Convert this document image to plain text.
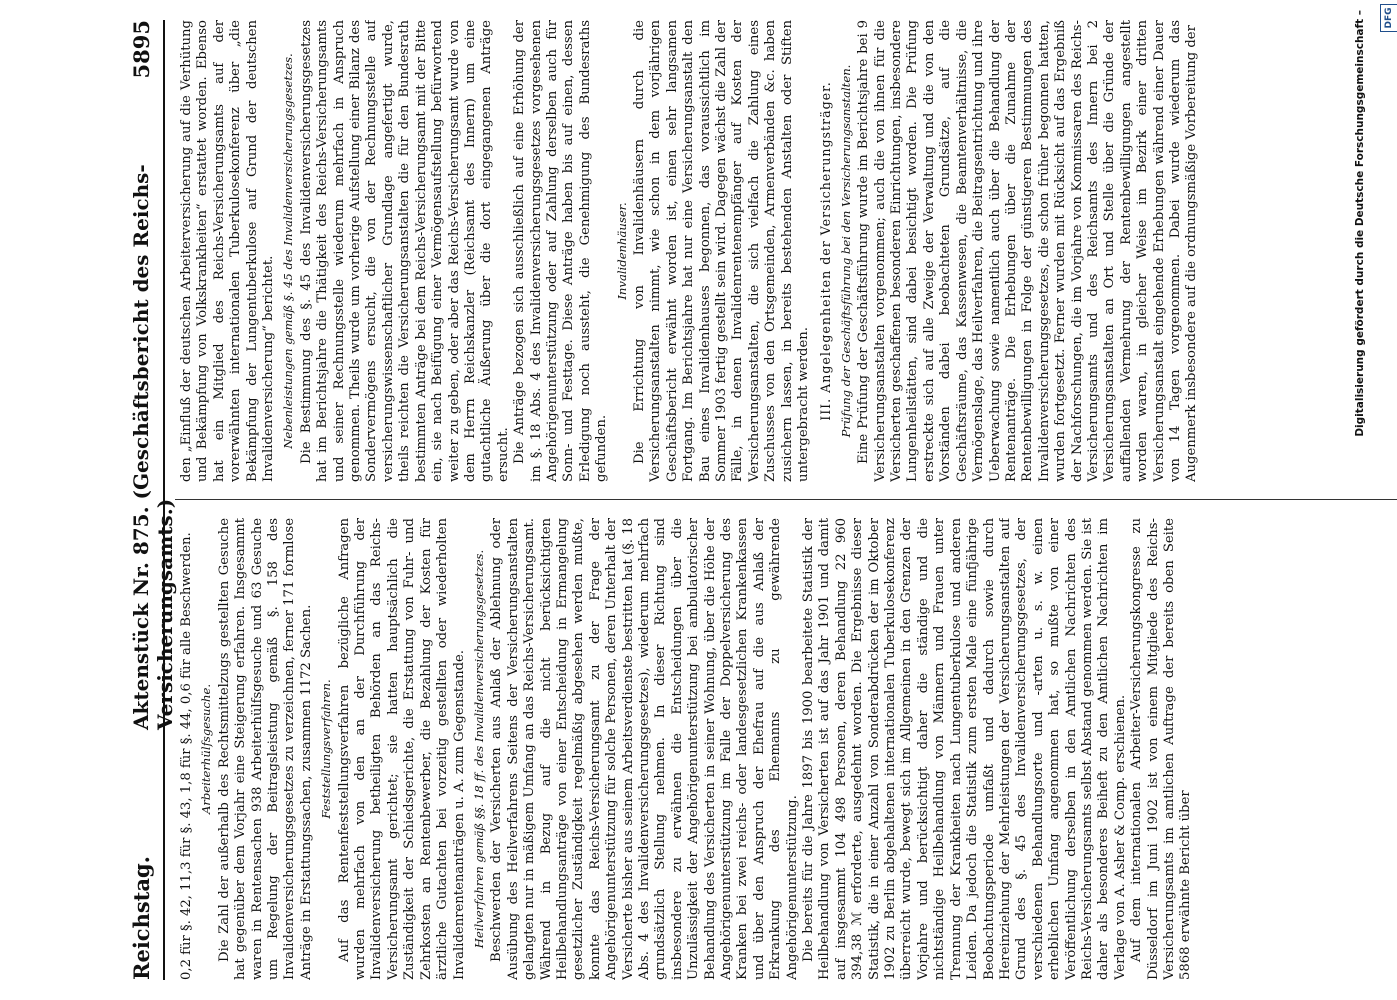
Reichstag.
Aktenstück Nr. 875. (Geschäftsbericht des Reichs-Versicherungsamts.)
5895

0,2 für §. 42, 11,3 für §. 43, 1,8 für §. 44, 0,6 für alle Beschwerden. Arbeiterhülfsgesuche. Die Zahl der außerhalb des Rechtsmittelzugs gestellten Gesuche hat gegenüber dem Vorjahr eine Steigerung erfahren. Insgesammt waren in Rentensachen 938 Arbeiterhülfsgesuche und 63 Gesuche um Regelung der Beitragsleistung gemäß §. 158 des Invalidenversicherungsgesetzes zu verzeichnen, ferner 171 formlose Anträge in Erstattungssachen, zusammen 1172 Sachen. Feststellungsverfahren. Auf das Rentenfeststellungsverfahren bezügliche Anfragen wurden mehrfach von den an der Durchführung der Invalidenversicherung betheiligten Behörden an das Reichs-Versicherungsamt gerichtet; sie hatten hauptsächlich die Zuständigkeit der Schiedsgerichte, die Erstattung von Fuhr- und Zehrkosten an Rentenbewerber, die Bezahlung der Kosten für ärztliche Gutachten bei vorzeitig gestellten oder wiederholten Invalidenrentenanträgen u. A. zum Gegenstande. Heilverfahren gemäß §§. 18 ff. des Invalidenversicherungsgesetzes. Beschwerden der Versicherten aus Anlaß der Ablehnung oder Ausübung des Heilverfahrens Seitens der Versicherungsanstalten gelangten nur in mäßigem Umfang an das Reichs-Versicherungsamt. Während in Bezug auf die nicht berücksichtigten Heilbehandlungsanträge von einer Entscheidung in Ermangelung gesetzlicher Zuständigkeit regelmäßig abgesehen werden mußte, konnte das Reichs-Versicherungsamt zu der Frage der Angehörigenunterstützung für solche Personen, deren Unterhalt der Versicherte bisher aus seinem Arbeitsverdienste bestritten hat (§. 18 Abs. 4 des Invalidenversicherungsgesetzes), wiederum mehrfach grundsätzlich Stellung nehmen. In dieser Richtung sind insbesondere zu erwähnen die Entscheidungen über die Unzulässigkeit der Angehörigenunterstützung bei ambulatorischer Behandlung des Versicherten in seiner Wohnung, über die Höhe der Angehörigenunterstützung im Falle der Doppelversicherung des Kranken bei zwei reichs- oder landesgesetzlichen Krankenkassen und über den Anspruch der Ehefrau auf die aus Anlaß der Erkrankung des Ehemanns zu gewährende Angehörigenunterstützung. Die bereits für die Jahre 1897 bis 1900 bearbeitete Statistik der Heilbehandlung von Versicherten ist auf das Jahr 1901 und damit auf insgesammt 104 498 Personen, deren Behandlung 22 960 394,38 ℳ erforderte, ausgedehnt worden. Die Ergebnisse dieser Statistik, die in einer Anzahl von Sonderabdrücken der im Oktober 1902 zu Berlin abgehaltenen internationalen Tuberkulosekonferenz überreicht wurde, bewegt sich im Allgemeinen in den Grenzen der Vorjahre und berücksichtigt daher die ständige und die nichtständige Heilbehandlung von Männern und Frauen unter Trennung der Krankheiten nach Lungentuberkulose und anderen Leiden. Da jedoch die Statistik zum ersten Male eine fünfjährige Beobachtungsperiode umfaßt und dadurch sowie durch Hereinziehung der Mehrleistungen der Versicherungsanstalten auf Grund des §. 45 des Invalidenversicherungsgesetzes, der verschiedenen Behandlungsorte und -arten u. s. w. einen erheblichen Umfang angenommen hat, so mußte von einer Veröffentlichung derselben in den Amtlichen Nachrichten des Reichs-Versicherungsamts selbst Abstand genommen werden. Sie ist daher als besonderes Beiheft zu den Amtlichen Nachrichten im Verlage von A. Asher & Comp. erschienen. Auf dem internationalen Arbeiter-Versicherungskongresse zu Düsseldorf im Juni 1902 ist von einem Mitgliede des Reichs-Versicherungsamts im amtlichen Auftrage der bereits oben Seite 5868 erwähnte Bericht über

den „Einfluß der deutschen Arbeiterversicherung auf die Verhütung und Bekämpfung von Volkskrankheiten“ erstattet worden. Ebenso hat ein Mitglied des Reichs-Versicherungsamts auf der vorerwähnten internationalen Tuberkulosekonferenz über „die Bekämpfung der Lungentuberkulose auf Grund der deutschen Invalidenversicherung“ berichtet. Nebenleistungen gemäß §. 45 des Invalidenversicherungsgesetzes. Die Bestimmung des §. 45 des Invalidenversicherungsgesetzes hat im Berichtsjahre die Thätigkeit des Reichs-Versicherungsamts und seiner Rechnungsstelle wiederum mehrfach in Anspruch genommen. Theils wurde um vorherige Aufstellung einer Bilanz des Sondervermögens ersucht, die von der Rechnungsstelle auf versicherungswissenschaftlicher Grundlage angefertigt wurde, theils reichten die Versicherungsanstalten die für den Bundesrath bestimmten Anträge bei dem Reichs-Versicherungsamt mit der Bitte ein, sie nach Beifügung einer Vermögensaufstellung befürwortend weiter zu geben, oder aber das Reichs-Versicherungsamt wurde von dem Herrn Reichskanzler (Reichsamt des Innern) um eine gutachtliche Äußerung über die dort eingegangenen Anträge ersucht. Die Anträge bezogen sich ausschließlich auf eine Erhöhung der im §. 18 Abs. 4 des Invalidenversicherungsgesetzes vorgesehenen Angehörigenunterstützung oder auf Zahlung derselben auch für Sonn- und Festtage. Diese Anträge haben bis auf einen, dessen Erledigung noch aussteht, die Genehmigung des Bundesraths gefunden.

Invalidenhäuser. Die Errichtung von Invalidenhäusern durch die Versicherungsanstalten nimmt, wie schon in dem vorjährigen Geschäftsbericht erwähnt worden ist, einen sehr langsamen Fortgang. Im Berichtsjahre hat nur eine Versicherungsanstalt den Bau eines Invalidenhauses begonnen, das voraussichtlich im Sommer 1903 fertig gestellt sein wird. Dagegen wächst die Zahl der Fälle, in denen Invalidenrentenempfänger auf Kosten der Versicherungsanstalten, die sich vielfach die Zahlung eines Zuschusses von den Ortsgemeinden, Armenverbänden &c. haben zusichern lassen, in bereits bestehenden Anstalten oder Stiften untergebracht werden. III. Angelegenheiten der Versicherungsträger. Prüfung der Geschäftsführung bei den Versicherungsanstalten. Eine Prüfung der Geschäftsführung wurde im Berichtsjahre bei 9 Versicherungsanstalten vorgenommen; auch die von ihnen für die Versicherten geschaffenen besonderen Einrichtungen, insbesondere Lungenheilstätten, sind dabei besichtigt worden. Die Prüfung erstreckte sich auf alle Zweige der Verwaltung und die von den Vorständen dabei beobachteten Grundsätze, auf die Geschäftsräume, das Kassenwesen, die Beamtenverhältnisse, die Vermögenslage, das Heilverfahren, die Beitragsentrichtung und ihre Ueberwachung sowie namentlich auch über die Behandlung der Rentenanträge. Die Erhebungen über die Zunahme der Rentenbewilligungen in Folge der günstigeren Bestimmungen des Invalidenversicherungsgesetzes, die schon früher begonnen hatten, wurden fortgesetzt. Ferner wurden mit Rücksicht auf das Ergebniß der Nachforschungen, die im Vorjahre von Kommissaren des Reichs-Versicherungsamts und des Reichsamts des Innern bei 2 Versicherungsanstalten an Ort und Stelle über die Gründe der auffallenden Vermehrung der Rentenbewilligungen angestellt worden waren, in gleicher Weise im Bezirk einer dritten Versicherungsanstalt eingehende Erhebungen während einer Dauer von 14 Tagen vorgenommen. Dabei wurde wiederum das Augenmerk insbesondere auf die ordnungsmäßige Vorbereitung der	Digitalisierung gefördert durch die Deutsche Forschungsgemeinschaft –	DFG
